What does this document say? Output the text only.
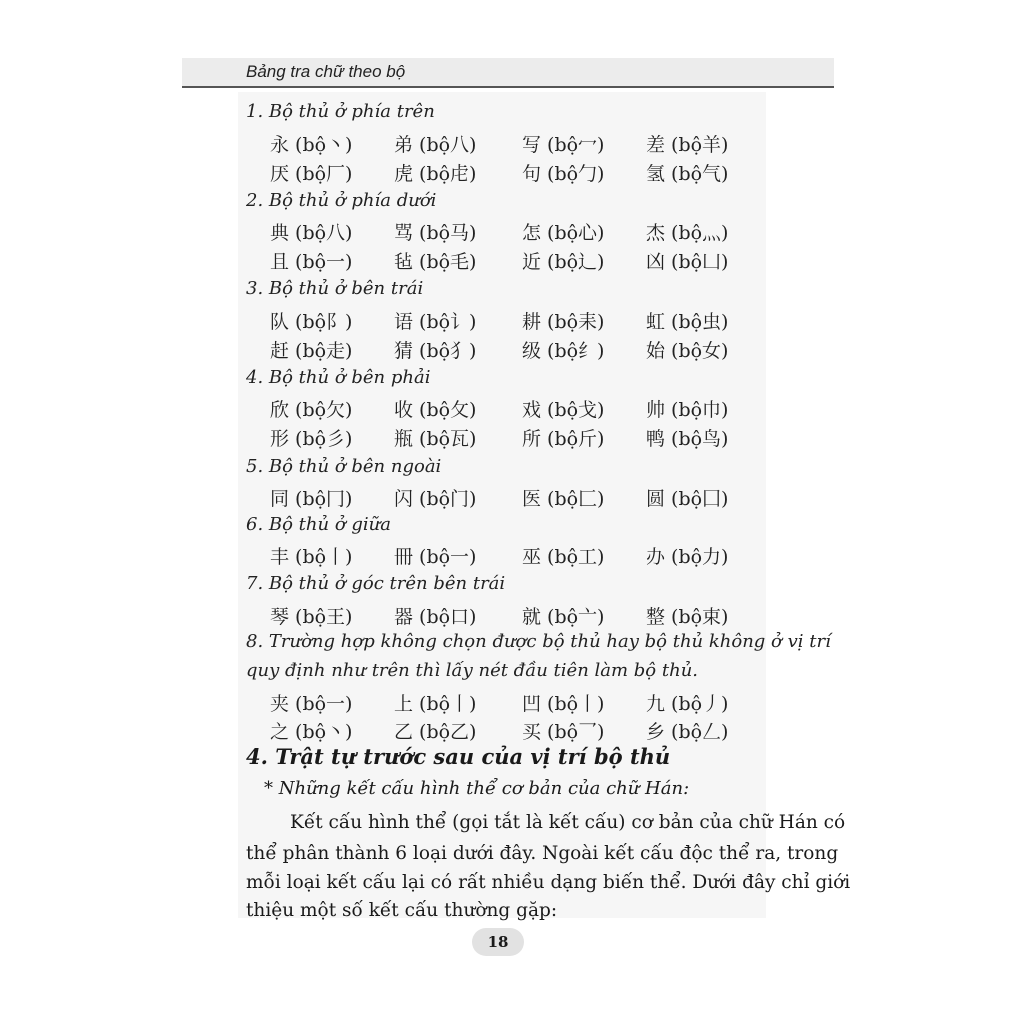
Bảng tra chữ theo bộ
1. Bộ thủ ở phía trên
永 (bộ丶) 弟 (bộ八) 写 (bộ冖) 差 (bộ羊)
厌 (bộ厂) 虎 (bộ虍) 句 (bộ勹) 氢 (bộ气)
2. Bộ thủ ở phía dưới
典 (bộ八) 骂 (bộ马) 怎 (bộ心) 杰 (bộ灬)
且 (bộ一) 毡 (bộ毛) 近 (bộ辶) 凶 (bộ凵)
3. Bộ thủ ở bên trái
队 (bộ阝) 语 (bộ讠) 耕 (bộ耒) 虹 (bộ虫)
赶 (bộ走) 猜 (bộ犭) 级 (bộ纟) 始 (bộ女)
4. Bộ thủ ở bên phải
欣 (bộ欠) 收 (bộ攵) 戏 (bộ戈) 帅 (bộ巾)
形 (bộ彡) 瓶 (bộ瓦) 所 (bộ斤) 鸭 (bộ鸟)
5. Bộ thủ ở bên ngoài
同 (bộ冂) 闪 (bộ门) 医 (bộ匚) 圆 (bộ囗)
6. Bộ thủ ở giữa
丰 (bộ丨) 冊 (bộ一) 巫 (bộ工) 办 (bộ力)
7. Bộ thủ ở góc trên bên trái
琴 (bộ王) 器 (bộ口) 就 (bộ亠) 整 (bộ束)
8. Trường hợp không chọn được bộ thủ hay bộ thủ không ở vị trí
quy định như trên thì lấy nét đầu tiên làm bộ thủ.
夹 (bộ一) 上 (bộ丨) 凹 (bộ丨) 九 (bộ丿)
之 (bộ丶) 乙 (bộ乙) 买 (bộ乛) 乡 (bộ𠃋)
4. Trật tự trước sau của vị trí bộ thủ
* Những kết cấu hình thể cơ bản của chữ Hán:
Kết cấu hình thể (gọi tắt là kết cấu) cơ bản của chữ Hán có
thể phân thành 6 loại dưới đây. Ngoài kết cấu độc thể ra, trong
mỗi loại kết cấu lại có rất nhiều dạng biến thể. Dưới đây chỉ giới
thiệu một số kết cấu thường gặp:
18
